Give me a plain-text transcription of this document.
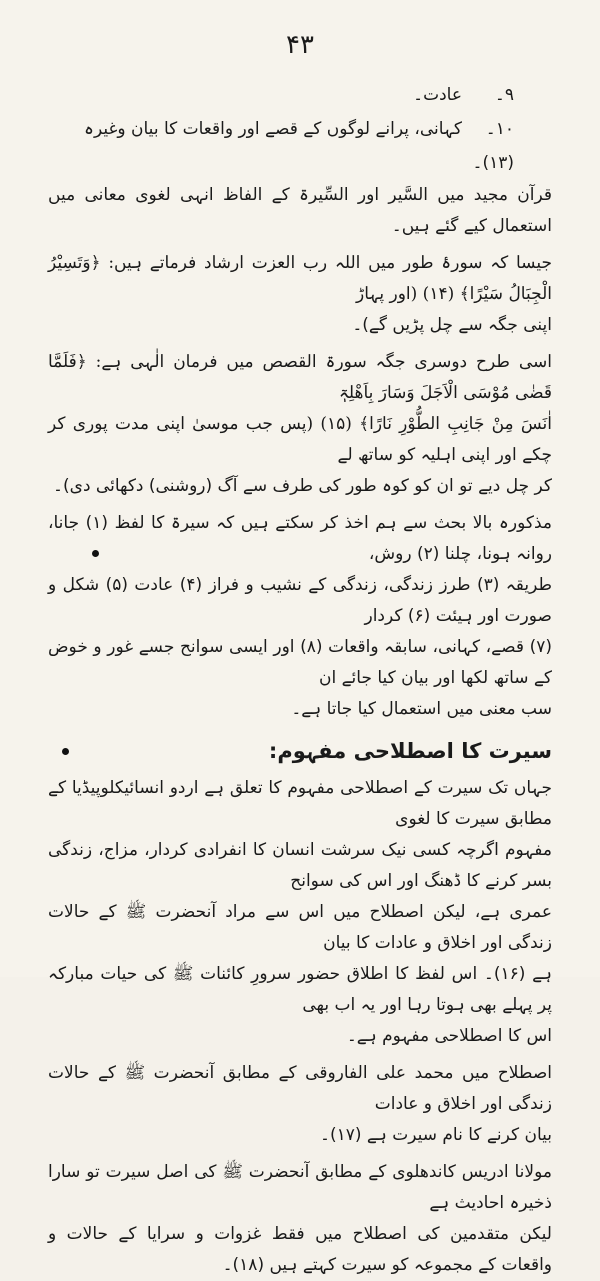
۴۳

۹۔عادت۔

۱۰۔کہانی، پرانے لوگوں کے قصے اور واقعات کا بیان وغیرہ (۱۳)۔

قرآن مجید میں السَّیر اور السِّیرۃ کے الفاظ انہی لغوی معانی میں استعمال کیے گئے ہیں۔

جیسا کہ سورۂ طور میں اللہ رب العزت ارشاد فرماتے ہیں: ﴿وَتَسِیْرُ الْجِبَالُ سَیْرًا﴾ (۱۴) (اور پہاڑ

اپنی جگہ سے چل پڑیں گے)۔

اسی طرح دوسری جگہ سورۃ القصص میں فرمان الٰہی ہے: ﴿فَلَمَّا قَضٰی مُوْسَی الْاَجَلَ وَسَارَ بِاَھْلِہٖٓ

اٰنَسَ مِنْ جَانِبِ الطُّوْرِ نَارًا﴾ (۱۵) (پس جب موسیٰ اپنی مدت پوری کر چکے اور اپنی اہلیہ کو ساتھ لے

کر چل دیے تو ان کو کوہ طور کی طرف سے آگ (روشنی) دکھائی دی)۔

مذکورہ بالا بحث سے ہم اخذ کر سکتے ہیں کہ سیرۃ کا لفظ (۱) جانا، روانہ ہونا، چلنا (۲) روش،

طریقہ (۳) طرز زندگی، زندگی کے نشیب و فراز (۴) عادت (۵) شکل و صورت اور ہیئت (۶) کردار

(۷) قصے، کہانی، سابقہ واقعات (۸) اور ایسی سوانح جسے غور و خوض کے ساتھ لکھا اور بیان کیا جائے ان

سب معنی میں استعمال کیا جاتا ہے۔

سیرت کا اصطلاحی مفہوم:

جہاں تک سیرت کے اصطلاحی مفہوم کا تعلق ہے اردو انسائیکلوپیڈیا کے مطابق سیرت کا لغوی

مفہوم اگرچہ کسی نیک سرشت انسان کا انفرادی کردار، مزاج، زندگی بسر کرنے کا ڈھنگ اور اس کی سوانح

عمری ہے، لیکن اصطلاح میں اس سے مراد آنحضرت ﷺ کے حالات زندگی اور اخلاق و عادات کا بیان

ہے (۱۶)۔ اس لفظ کا اطلاق حضور سرورِ کائنات ﷺ کی حیات مبارکہ پر پہلے بھی ہوتا رہا اور یہ اب بھی

اس کا اصطلاحی مفہوم ہے۔

اصطلاح میں محمد علی الفاروقی کے مطابق آنحضرت ﷺ کے حالات زندگی اور اخلاق و عادات

بیان کرنے کا نام سیرت ہے (۱۷)۔

مولانا ادریس کاندھلوی کے مطابق آنحضرت ﷺ کی اصل سیرت تو سارا ذخیرہ احادیث ہے

لیکن متقدمین کی اصطلاح میں فقط غزوات و سرایا کے حالات و واقعات کے مجموعہ کو سیرت کہتے ہیں (۱۸)۔
